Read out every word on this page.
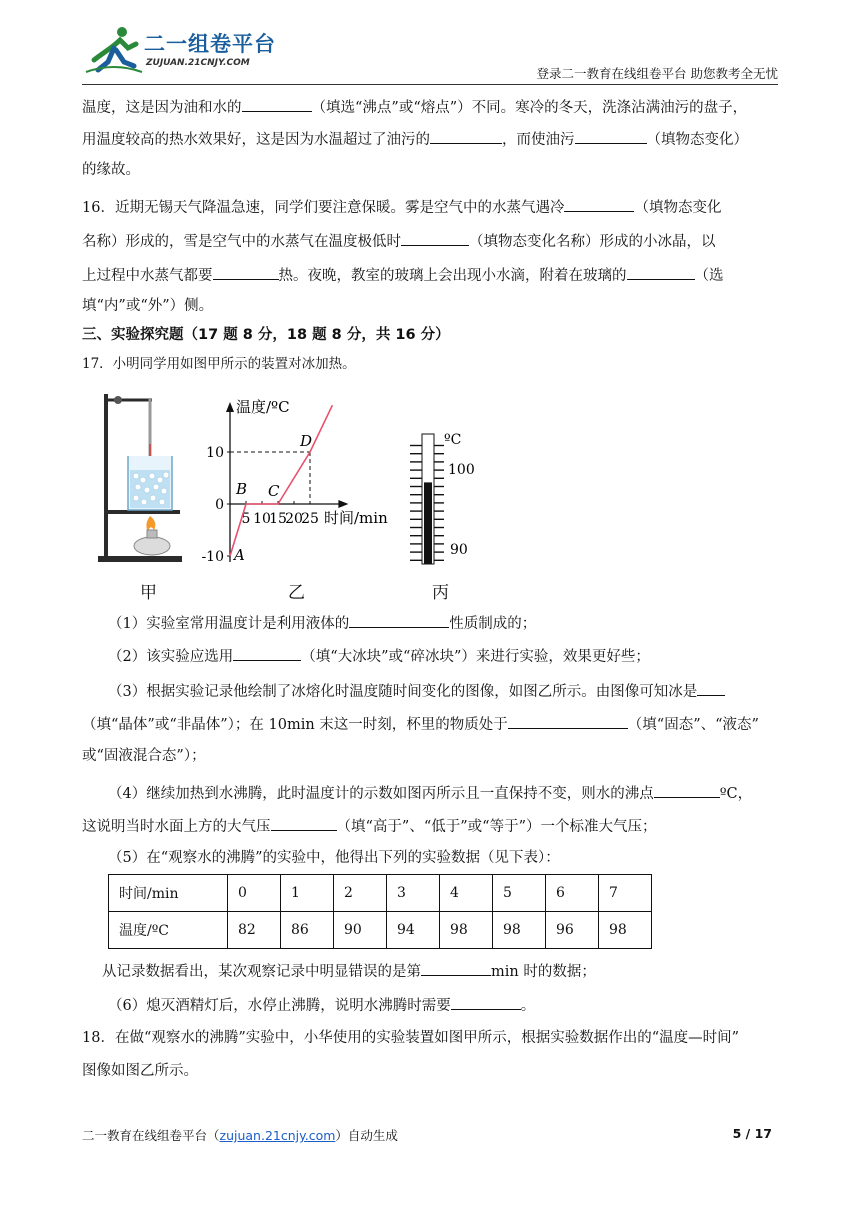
二一组卷平台
ZUJUAN.21CNJY.COM
登录二一教育在线组卷平台 助您教考全无忧
温度，这是因为油和水的	（填选“沸点”或“熔点”）不同。寒冷的冬天，洗涤沾满油污的盘子，
用温度较高的热水效果好，这是因为水温超过了油污的	，而使油污	（填物态变化）
的缘故。
16．近期无锡天气降温急速，同学们要注意保暖。雾是空气中的水蒸气遇冷	（填物态变化
名称）形成的，雪是空气中的水蒸气在温度极低时	（填物态变化名称）形成的小冰晶，以
上过程中水蒸气都要	热。夜晚，教室的玻璃上会出现小水滴，附着在玻璃的	（选
填“内”或“外”）侧。
三、实验探究题（17 题 8 分，18 题 8 分，共 16 分）
17．小明同学用如图甲所示的装置对冰加热。
甲
温度/ºC
时间/min
10
0
-10
5 10
15
20
25
A
B C
D
乙
ºC
100
90
丙
（1）实验室常用温度计是利用液体的	性质制成的；
（2）该实验应选用	（填“大冰块”或“碎冰块”）来进行实验，效果更好些；
（3）根据实验记录他绘制了冰熔化时温度随时间变化的图像，如图乙所示。由图像可知冰是
（填“晶体”或“非晶体”）；在 10min 末这一时刻，杯里的物质处于	（填“固态”、“液态”
或“固液混合态”）；
（4）继续加热到水沸腾，此时温度计的示数如图丙所示且一直保持不变，则水的沸点	ºC，
这说明当时水面上方的大气压	（填“高于”、“低于”或“等于”）一个标准大气压；
（5）在“观察水的沸腾”的实验中，他得出下列的实验数据（见下表）：
时间/min	0	1	2	3	4	5	6	7
温度/ºC	82	86	90	94	98	98	96	98
从记录数据看出，某次观察记录中明显错误的是第	min 时的数据；
（6）熄灭酒精灯后，水停止沸腾，说明水沸腾时需要	。
18．在做“观察水的沸腾”实验中，小华使用的实验装置如图甲所示，根据实验数据作出的“温度—时间”
图像如图乙所示。
二一教育在线组卷平台（zujuan.21cnjy.com）自动生成	5 / 17
